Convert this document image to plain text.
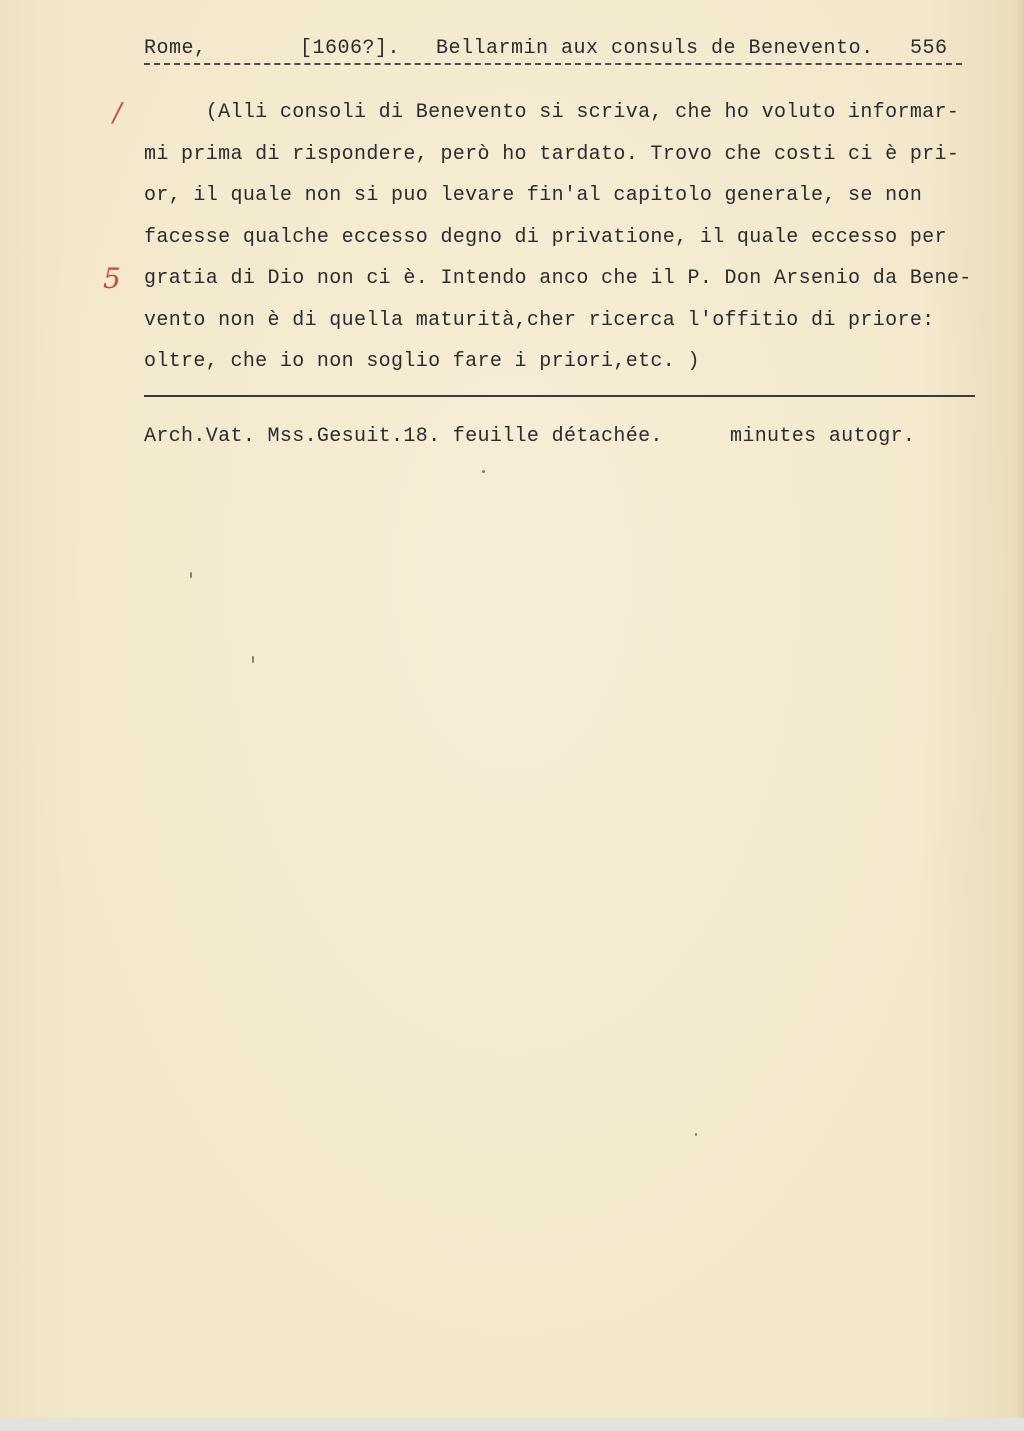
Rome,	[1606?]. Bellarmin aux consuls de Benevento. 556
/
5
(Alli consoli di Benevento si scriva, che ho voluto informar-
mi prima di rispondere, però ho tardato. Trovo che costi ci è pri-
or, il quale non si puo levare fin'al capitolo generale, se non
facesse qualche eccesso degno di privatione, il quale eccesso per
gratia di Dio non ci è. Intendo anco che il P. Don Arsenio da Bene-
vento non è di quella maturità,cher ricerca l'offitio di priore:
oltre, che io non soglio fare i priori,etc. )
Arch.Vat. Mss.Gesuit.18. feuille détachée.	minutes autogr.
